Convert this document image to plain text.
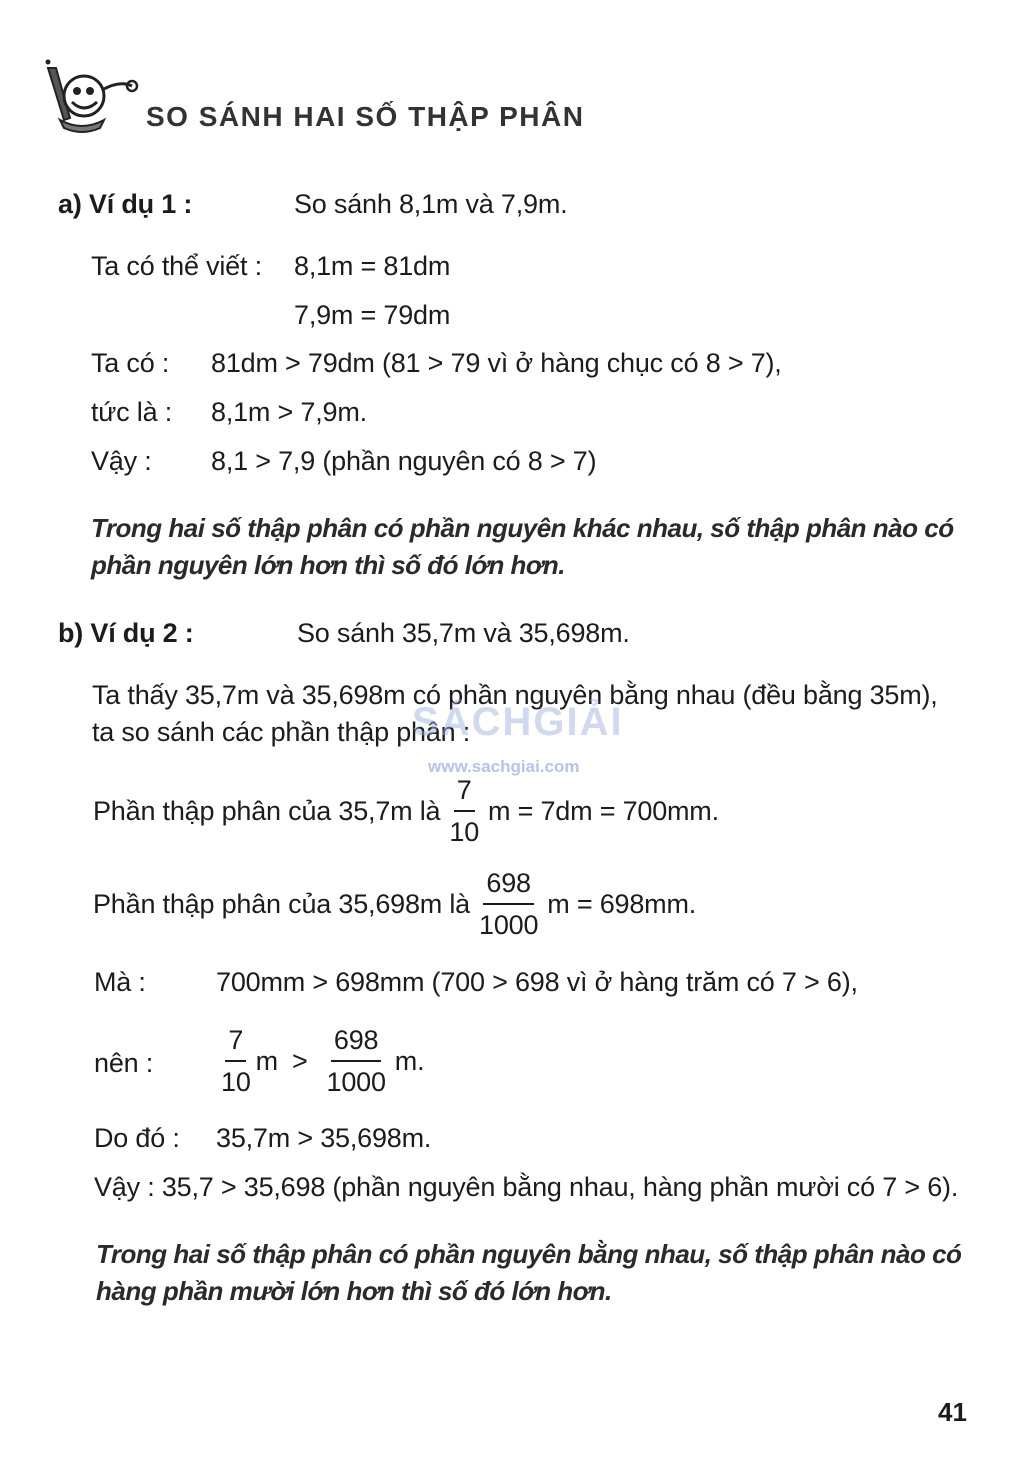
SO SÁNH HAI SỐ THẬP PHÂN
a) Ví dụ 1 :	So sánh 8,1m và 7,9m.
Ta có thể viết : 8,1m = 81dm
7,9m = 79dm
Ta có : 81dm > 79dm (81 > 79 vì ở hàng chục có 8 > 7),
tức là : 8,1m > 7,9m.
Vậy : 8,1 > 7,9 (phần nguyên có 8 > 7)
Trong hai số thập phân có phần nguyên khác nhau, số thập phân nào có
phần nguyên lớn hơn thì số đó lớn hơn.
b) Ví dụ 2 :	So sánh 35,7m và 35,698m.
Ta thấy 35,7m và 35,698m có phần nguyên bằng nhau (đều bằng 35m),
ta so sánh các phần thập phân :
SÁCHGIẢI
www.sachgiai.com
Phần thập phân của 35,7m là $\frac{7}{10}$ m = 7dm = 700mm.
Phần thập phân của 35,698m là $\frac{698}{1000}$ m = 698mm.
Mà :	700mm > 698mm (700 > 698 vì ở hàng trăm có 7 > 6),
nên : $\frac{7}{10}$ $m > \frac{698}{1000} m$.
Do đó : 35,7m > 35,698m.
Vậy : 35,7 > 35,698 (phần nguyên bằng nhau, hàng phần mười có 7 > 6).
Trong hai số thập phân có phần nguyên bằng nhau, số thập phân nào có
hàng phần mười lớn hơn thì số đó lớn hơn.
41
